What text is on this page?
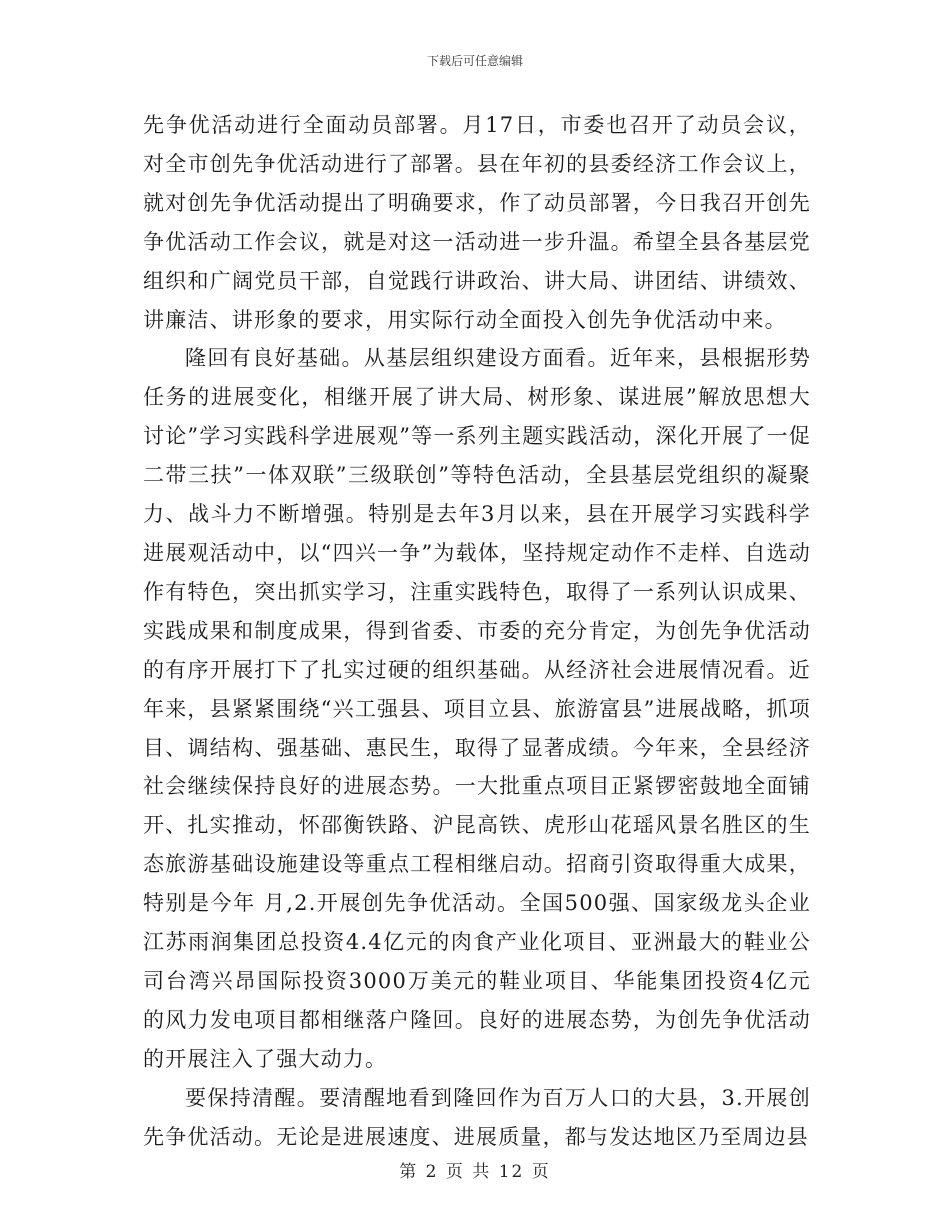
下载后可任意编辑

先争优活动进行全面动员部署。月17日，市委也召开了动员会议，对全市创先争优活动进行了部署。县在年初的县委经济工作会议上，就对创先争优活动提出了明确要求，作了动员部署，今日我召开创先争优活动工作会议，就是对这一活动进一步升温。希望全县各基层党组织和广阔党员干部，自觉践行讲政治、讲大局、讲团结、讲绩效、讲廉洁、讲形象的要求，用实际行动全面投入创先争优活动中来。

隆回有良好基础。从基层组织建设方面看。近年来，县根据形势任务的进展变化，相继开展了讲大局、树形象、谋进展”解放思想大讨论”学习实践科学进展观”等一系列主题实践活动，深化开展了一促二带三扶”一体双联”三级联创”等特色活动，全县基层党组织的凝聚力、战斗力不断增强。特别是去年3月以来，县在开展学习实践科学进展观活动中，以“四兴一争”为载体，坚持规定动作不走样、自选动作有特色，突出抓实学习，注重实践特色，取得了一系列认识成果、实践成果和制度成果，得到省委、市委的充分肯定，为创先争优活动的有序开展打下了扎实过硬的组织基础。从经济社会进展情况看。近年来，县紧紧围绕“兴工强县、项目立县、旅游富县”进展战略，抓项目、调结构、强基础、惠民生，取得了显著成绩。今年来，全县经济社会继续保持良好的进展态势。一大批重点项目正紧锣密鼓地全面铺开、扎实推动，怀邵衡铁路、沪昆高铁、虎形山花瑶风景名胜区的生态旅游基础设施建设等重点工程相继启动。招商引资取得重大成果，特别是今年 月,2.开展创先争优活动。全国500强、国家级龙头企业江苏雨润集团总投资4.4亿元的肉食产业化项目、亚洲最大的鞋业公司台湾兴昂国际投资3000万美元的鞋业项目、华能集团投资4亿元的风力发电项目都相继落户隆回。良好的进展态势，为创先争优活动的开展注入了强大动力。

要保持清醒。要清醒地看到隆回作为百万人口的大县，3.开展创先争优活动。无论是进展速度、进展质量，都与发达地区乃至周边县

第 2 页 共 12 页
